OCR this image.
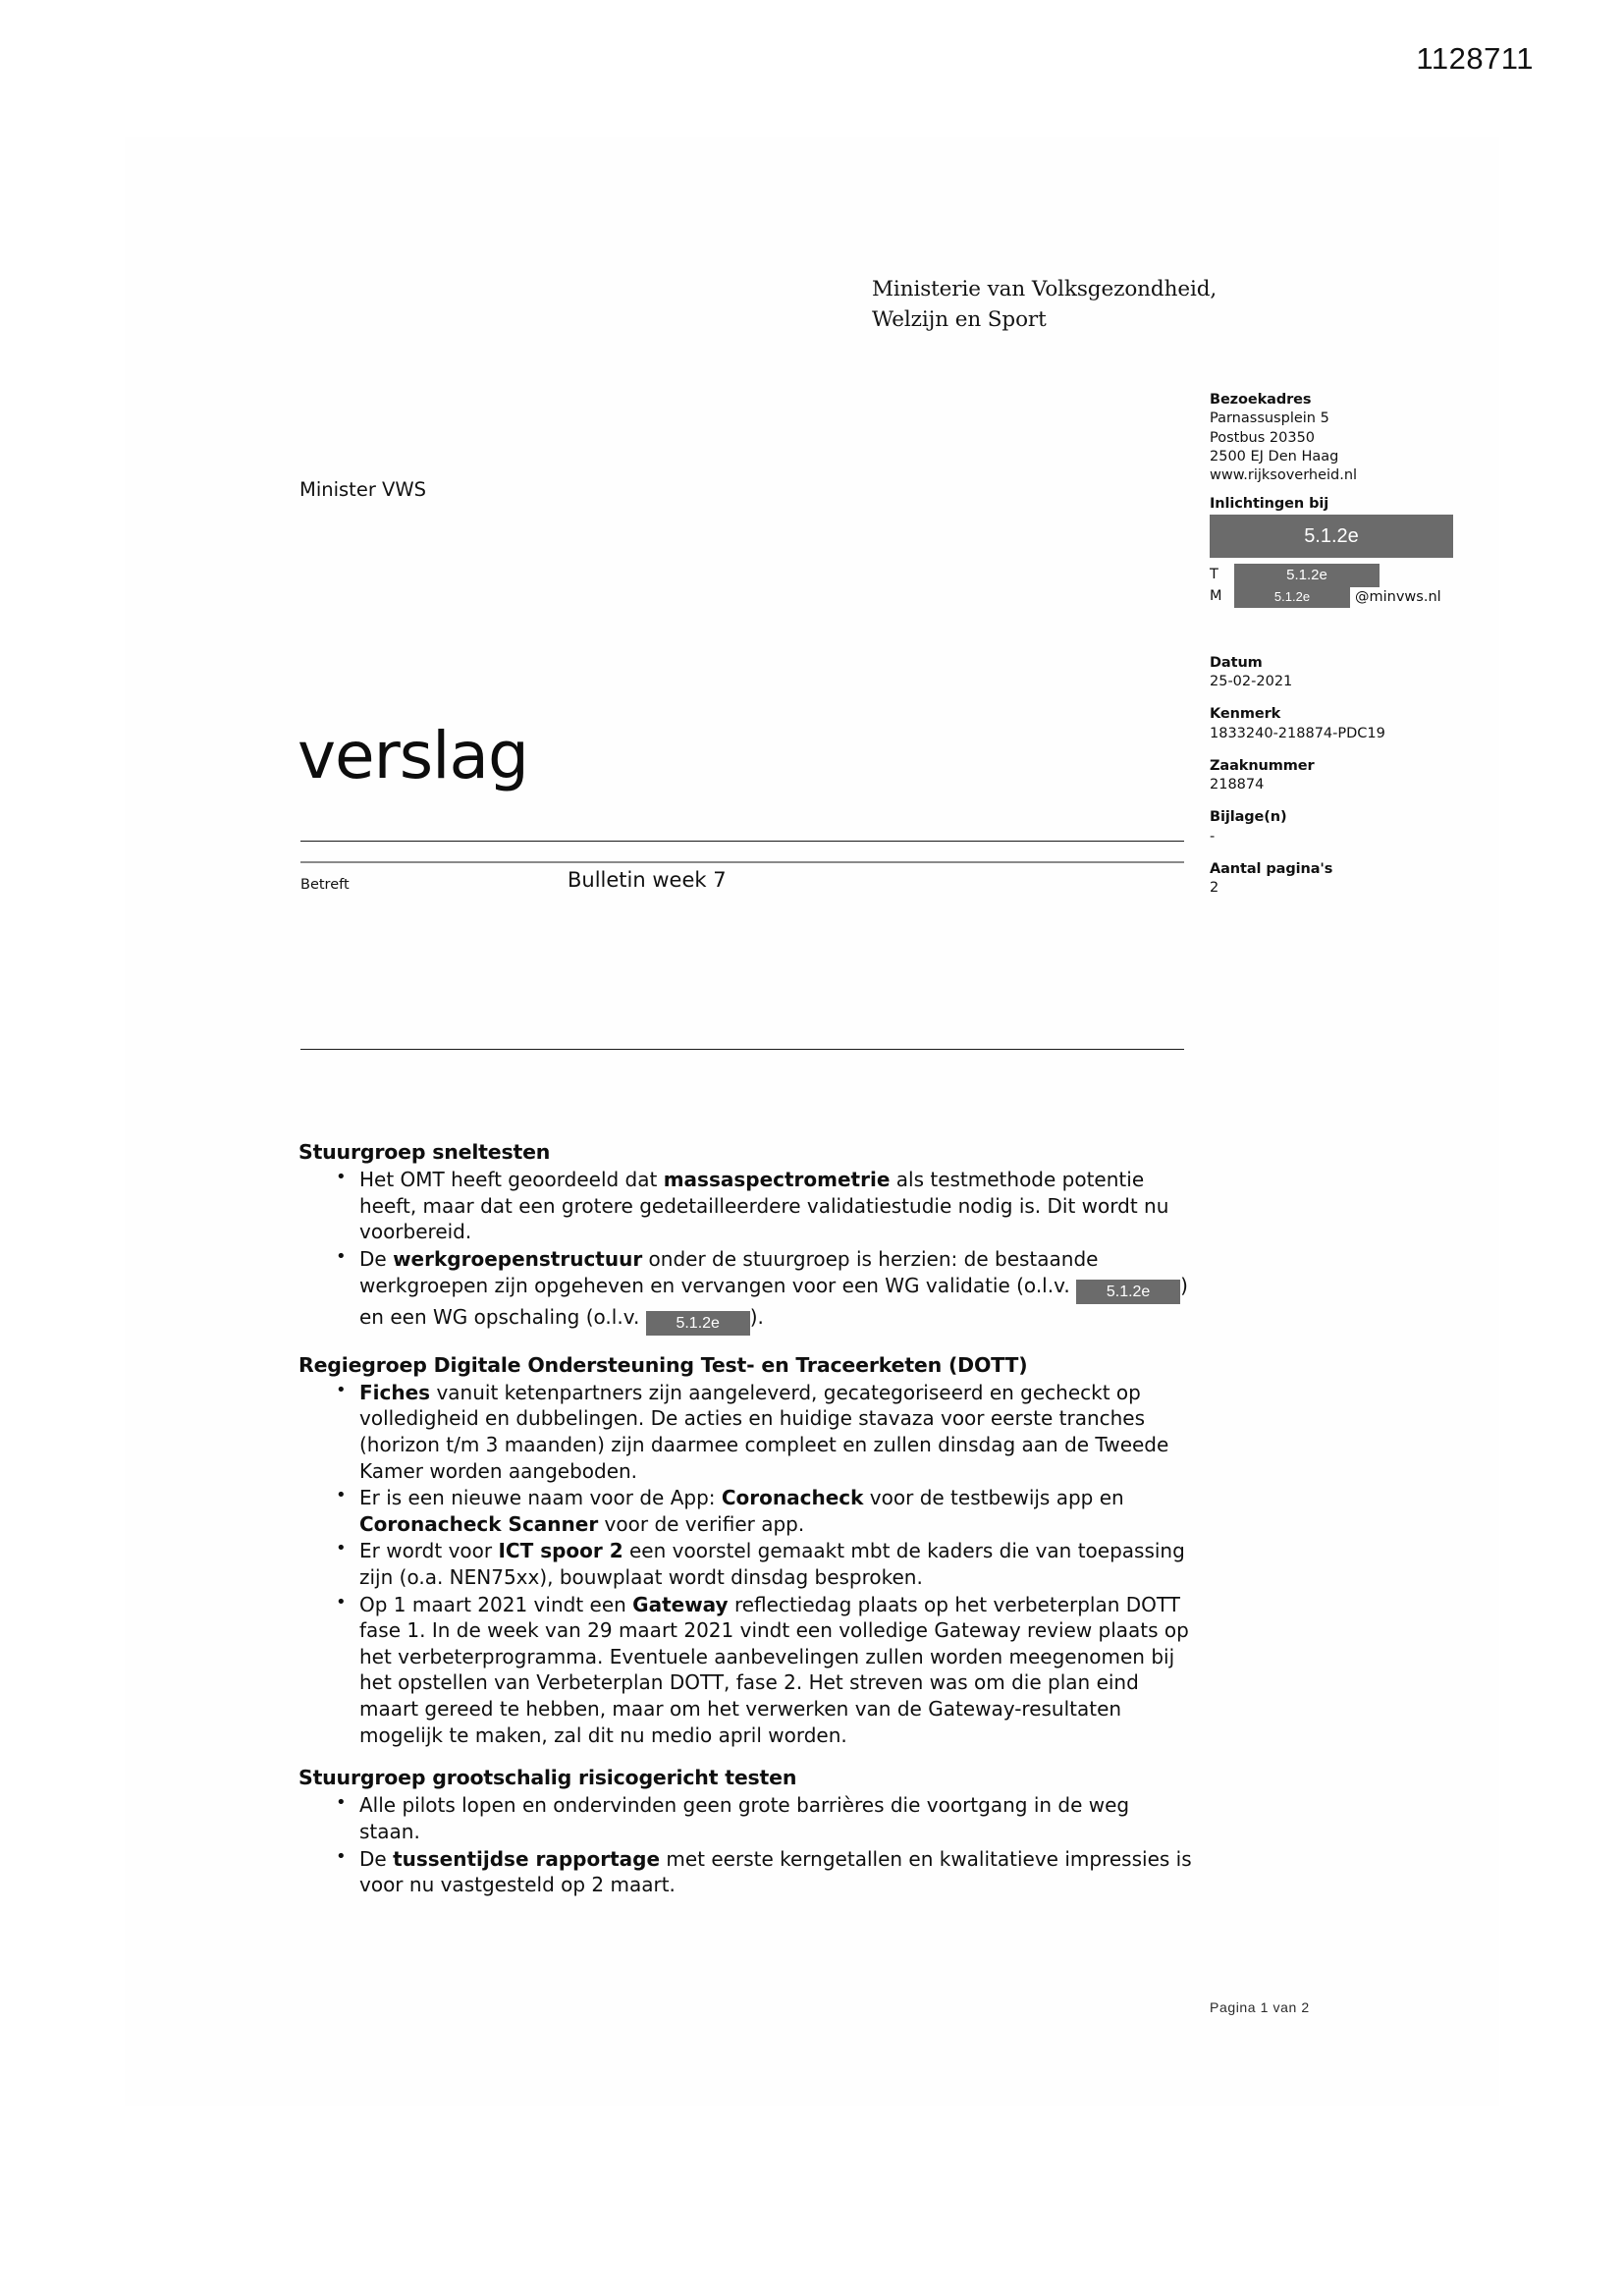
1128711
Ministerie van Volksgezondheid,
Welzijn en Sport
Minister VWS
Bezoekadres
Parnassusplein 5
Postbus 20350
2500 EJ Den Haag
www.rijksoverheid.nl
Inlichtingen bij
5.1.2e
T	5.1.2e
M	5.1.2e	@minvws.nl
Datum
25-02-2021
Kenmerk
1833240-218874-PDC19
Zaaknummer
218874
Bijlage(n)
-
Aantal pagina's
2
verslag
Betreft	Bulletin week 7
Stuurgroep sneltesten
• Het OMT heeft geoordeeld dat massaspectrometrie als testmethode potentie heeft, maar dat een grotere gedetailleerdere validatiestudie nodig is. Dit wordt nu voorbereid.
• De werkgroepenstructuur onder de stuurgroep is herzien: de bestaande werkgroepen zijn opgeheven en vervangen voor een WG validatie (o.l.v. 5.1.2e ) en een WG opschaling (o.l.v. 5.1.2e ).
Regiegroep Digitale Ondersteuning Test- en Traceerketen (DOTT)
• Fiches vanuit ketenpartners zijn aangeleverd, gecategoriseerd en gecheckt op volledigheid en dubbelingen. De acties en huidige stavaza voor eerste tranches (horizon t/m 3 maanden) zijn daarmee compleet en zullen dinsdag aan de Tweede Kamer worden aangeboden.
• Er is een nieuwe naam voor de App: Coronacheck voor de testbewijs app en Coronacheck Scanner voor de verifier app.
• Er wordt voor ICT spoor 2 een voorstel gemaakt mbt de kaders die van toepassing zijn (o.a. NEN75xx), bouwplaat wordt dinsdag besproken.
• Op 1 maart 2021 vindt een Gateway reflectiedag plaats op het verbeterplan DOTT fase 1. In de week van 29 maart 2021 vindt een volledige Gateway review plaats op het verbeterprogramma. Eventuele aanbevelingen zullen worden meegenomen bij het opstellen van Verbeterplan DOTT, fase 2. Het streven was om die plan eind maart gereed te hebben, maar om het verwerken van de Gateway-resultaten mogelijk te maken, zal dit nu medio april worden.
Stuurgroep grootschalig risicogericht testen
• Alle pilots lopen en ondervinden geen grote barrières die voortgang in de weg staan.
• De tussentijdse rapportage met eerste kerngetallen en kwalitatieve impressies is voor nu vastgesteld op 2 maart.
Pagina 1 van 2
